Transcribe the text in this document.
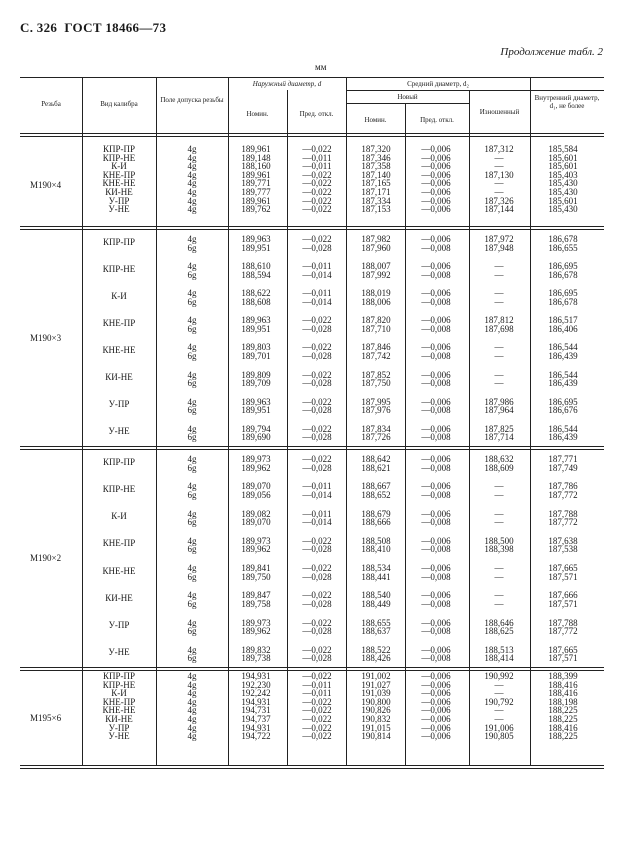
С. 326 ГОСТ 18466—73
Продолжение табл. 2
мм
Резьба	Вид калибра	Поле допуска резьбы
Наружный диаметр, d
Номин.	Пред. откл.
Средний диаметр, d₂
Новый
Номин.	Пред. откл.
Изношенный
Внутренний диаметр, d₁, не более
M190×4
КПР-ПР	4g	189,961	—0,022	187,320	—0,006	187,312	185,584
КПР-НЕ	4g	189,148	—0,011	187,346	—0,006	—	185,601
К-И	4g	188,160	—0,011	187,358	—0,006	—	185,601
КНЕ-ПР	4g	189,961	—0,022	187,140	—0,006	187,130	185,403
КНЕ-НЕ	4g	189,771	—0,022	187,165	—0,006	—	185,430
КИ-НЕ	4g	189,777	—0,022	187,171	—0,006	—	185,430
У-ПР	4g	189,961	—0,022	187,334	—0,006	187,326	185,601
У-НЕ	4g	189,762	—0,022	187,153	—0,006	187,144	185,430
M190×3
КПР-ПР	4g	189,963	—0,022	187,982	—0,006	187,972	186,678
6g	189,951	—0,028	187,960	—0,008	187,948	186,655
КПР-НЕ	4g	188,610	—0,011	188,007	—0,006	—	186,695
6g	188,594	—0,014	187,992	—0,008	—	186,678
К-И	4g	188,622	—0,011	188,019	—0,006	—	186,695
6g	188,608	—0,014	188,006	—0,008	—	186,678
КНЕ-ПР	4g	189,963	—0,022	187,820	—0,006	187,812	186,517
6g	189,951	—0,028	187,710	—0,008	187,698	186,406
КНЕ-НЕ	4g	189,803	—0,022	187,846	—0,006	—	186,544
6g	189,701	—0,028	187,742	—0,008	—	186,439
КИ-НЕ	4g	189,809	—0,022	187,852	—0,006	—	186,544
6g	189,709	—0,028	187,750	—0,008	—	186,439
У-ПР	4g	189,963	—0,022	187,995	—0,006	187,986	186,695
6g	189,951	—0,028	187,976	—0,008	187,964	186,676
У-НЕ	4g	189,794	—0,022	187,834	—0,006	187,825	186,544
6g	189,690	—0,028	187,726	—0,008	187,714	186,439
M190×2
КПР-ПР	4g	189,973	—0,022	188,642	—0,006	188,632	187,771
6g	189,962	—0,028	188,621	—0,008	188,609	187,749
КПР-НЕ	4g	189,070	—0,011	188,667	—0,006	—	187,786
6g	189,056	—0,014	188,652	—0,008	—	187,772
К-И	4g	189,082	—0,011	188,679	—0,006	—	187,788
6g	189,070	—0,014	188,666	—0,008	—	187,772
КНЕ-ПР	4g	189,973	—0,022	188,508	—0,006	188,500	187,638
6g	189,962	—0,028	188,410	—0,008	188,398	187,538
КНЕ-НЕ	4g	189,841	—0,022	188,534	—0,006	—	187,665
6g	189,750	—0,028	188,441	—0,008	—	187,571
КИ-НЕ	4g	189,847	—0,022	188,540	—0,006	—	187,666
6g	189,758	—0,028	188,449	—0,008	—	187,571
У-ПР	4g	189,973	—0,022	188,655	—0,006	188,646	187,788
6g	189,962	—0,028	188,637	—0,008	188,625	187,772
У-НЕ	4g	189,832	—0,022	188,522	—0,006	188,513	187,665
6g	189,738	—0,028	188,426	—0,008	188,414	187,571
M195×6
КПР-ПР	4g	194,931	—0,022	191,002	—0,006	190,992	188,399
КПР-НЕ	4g	192,230	—0,011	191,027	—0,006	—	188,416
К-И	4g	192,242	—0,011	191,039	—0,006	—	188,416
КНЕ-ПР	4g	194,931	—0,022	190,800	—0,006	190,792	188,198
КНЕ-НЕ	4g	194,731	—0,022	190,826	—0,006	—	188,225
КИ-НЕ	4g	194,737	—0,022	190,832	—0,006	—	188,225
У-ПР	4g	194,931	—0,022	191,015	—0,006	191,006	188,416
У-НЕ	4g	194,722	—0,022	190,814	—0,006	190,805	188,225
